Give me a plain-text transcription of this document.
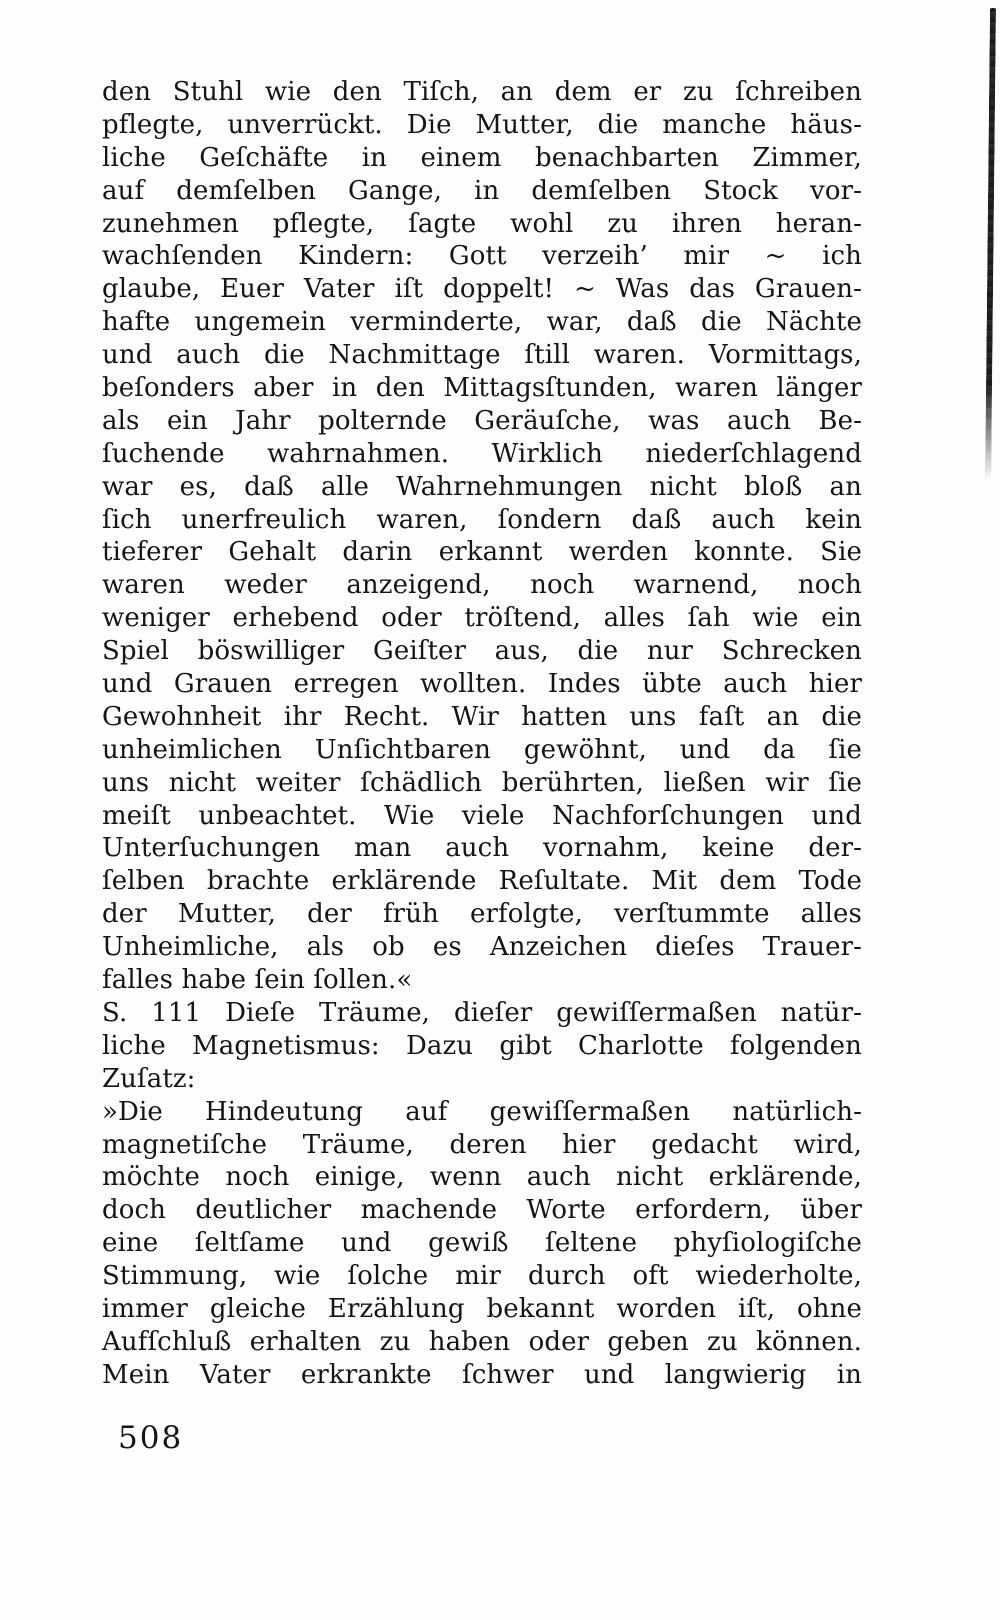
den Stuhl wie den Tiſch, an dem er zu ſchreiben
pflegte, unverrückt. Die Mutter, die manche häus-
liche Geſchäfte in einem benachbarten Zimmer,
auf demſelben Gange, in demſelben Stock vor-
zunehmen pflegte, ſagte wohl zu ihren heran-
wachſenden Kindern: Gott verzeih’ mir ~ ich
glaube, Euer Vater iſt doppelt! ~ Was das Grauen-
hafte ungemein verminderte, war, daß die Nächte
und auch die Nachmittage ſtill waren. Vormittags,
beſonders aber in den Mittagsſtunden, waren länger
als ein Jahr polternde Geräuſche, was auch Be-
ſuchende wahrnahmen. Wirklich niederſchlagend
war es, daß alle Wahrnehmungen nicht bloß an
ſich unerfreulich waren, ſondern daß auch kein
tieferer Gehalt darin erkannt werden konnte. Sie
waren weder anzeigend, noch warnend, noch
weniger erhebend oder tröſtend, alles ſah wie ein
Spiel böswilliger Geiſter aus, die nur Schrecken
und Grauen erregen wollten. Indes übte auch hier
Gewohnheit ihr Recht. Wir hatten uns faſt an die
unheimlichen Unſichtbaren gewöhnt, und da ſie
uns nicht weiter ſchädlich berührten, ließen wir ſie
meiſt unbeachtet. Wie viele Nachforſchungen und
Unterſuchungen man auch vornahm, keine der-
ſelben brachte erklärende Reſultate. Mit dem Tode
der Mutter, der früh erfolgte, verſtummte alles
Unheimliche, als ob es Anzeichen dieſes Trauer-
falles habe ſein ſollen.«
S. 111 Dieſe Träume, dieſer gewiſſermaßen natür-
liche Magnetismus: Dazu gibt Charlotte folgenden
Zuſatz:
»Die Hindeutung auf gewiſſermaßen natürlich-
magnetiſche Träume, deren hier gedacht wird,
möchte noch einige, wenn auch nicht erklärende,
doch deutlicher machende Worte erfordern, über
eine ſeltſame und gewiß ſeltene phyſiologiſche
Stimmung, wie ſolche mir durch oft wiederholte,
immer gleiche Erzählung bekannt worden iſt, ohne
Aufſchluß erhalten zu haben oder geben zu können.
Mein Vater erkrankte ſchwer und langwierig in
508
